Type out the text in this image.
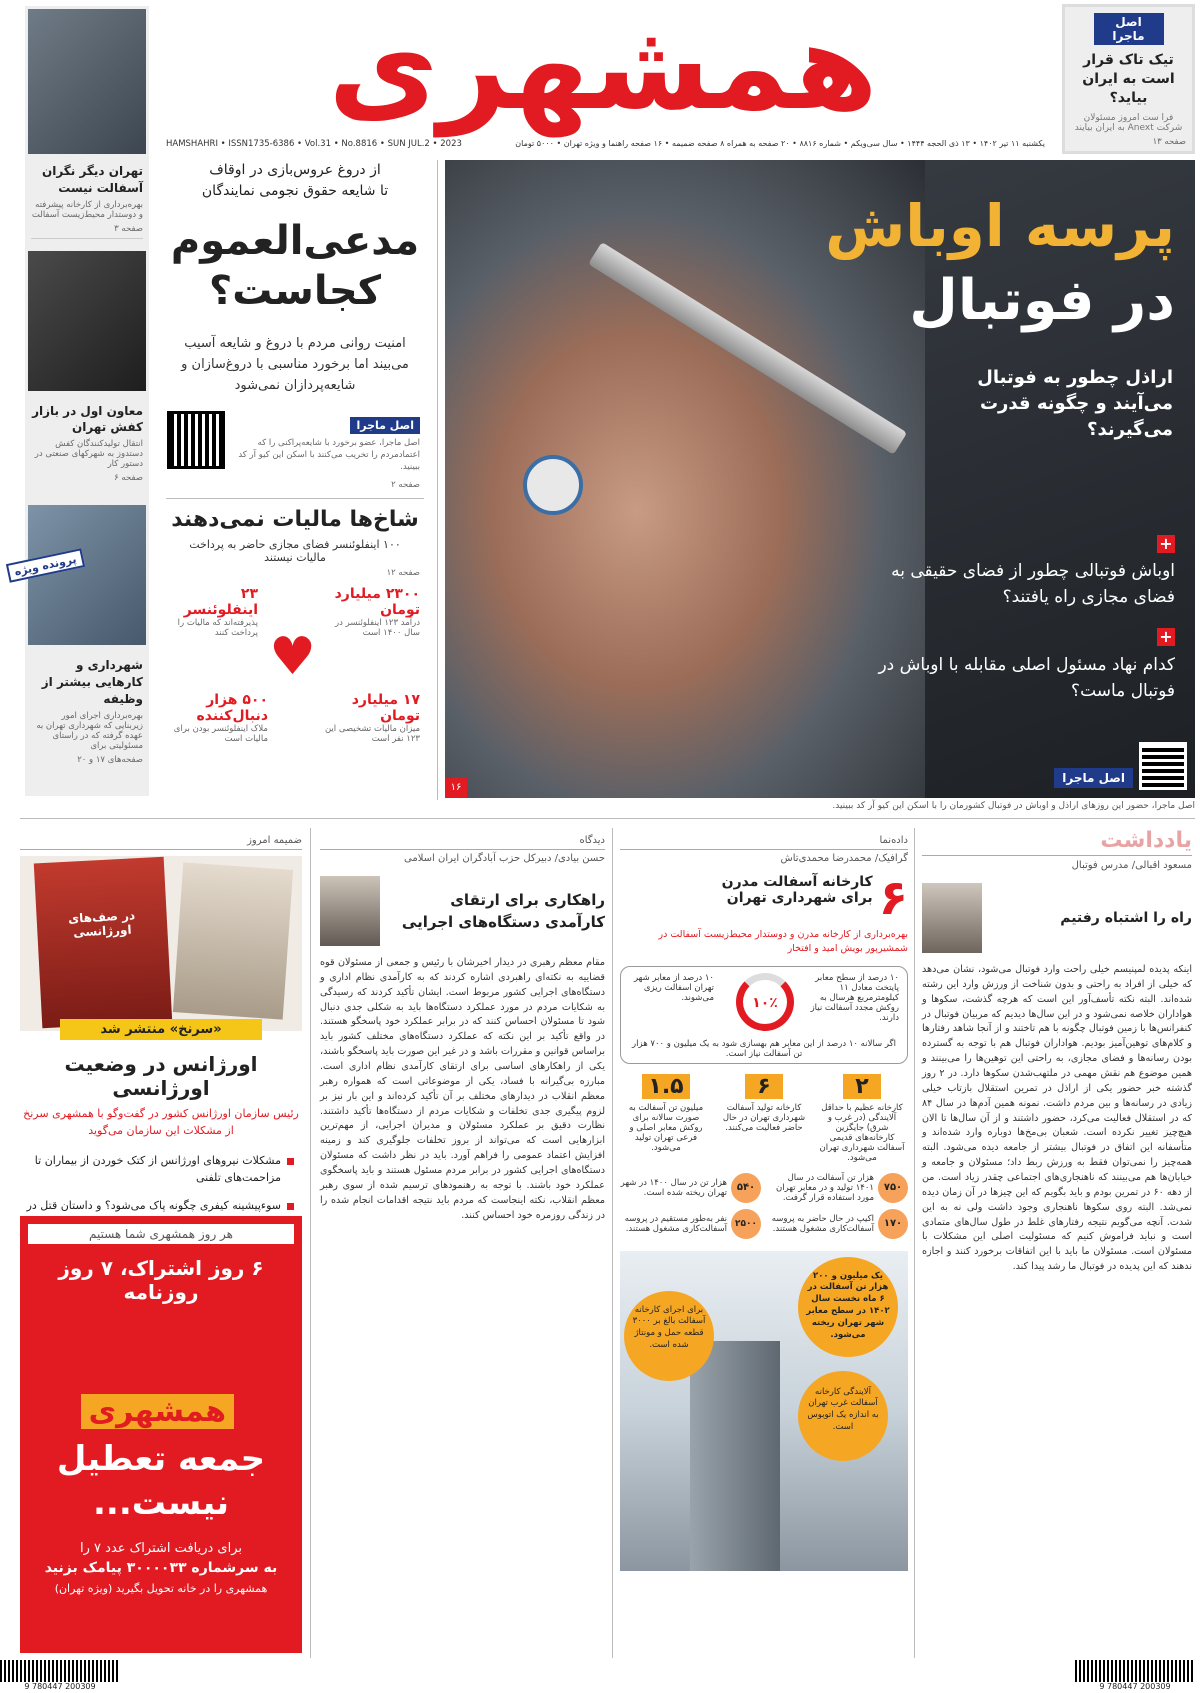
همشهری
یکشنبه ۱۱ تیر ۱۴۰۲ • ۱۳ ذی الحجه ۱۴۴۴ • سال سی‌ویکم • شماره ۸۸۱۶ • ۲۰ صفحه به همراه ۸ صفحه ضمیمه • ۱۶ صفحه راهنما و ویژه تهران • ۵۰۰۰ تومان
HAMSHAHRI • ISSN1735-6386 • Vol.31 • No.8816 • SUN JUL.2 • 2023
اصل ماجرا
تیک تاک قرار است به ایران بیاید؟
فرا ست امروز مسئولان شرکت Anext به ایران بیایند
صفحه ۱۳
تهران دیگر نگران آسفالت نیست
بهره‌برداری از کارخانه پیشرفته و دوستدار محیط‌زیست آسفالت
صفحه ۳
معاون اول در بازار کفش تهران
انتقال تولیدکنندگان کفش دستدوز به شهرکهای صنعتی در دستور کار
صفحه ۶
پرونده ویژه
شهرداری و کارهایی بیشتر از وظیفه
بهره‌برداری اجرای امور زیربنایی که شهرداری تهران به عهده گرفته که در راستای مسئولیتی برای
صفحه‌های ۱۷ و ۲۰
از دروغ عروس‌بازی در اوقاف
تا شایعه حقوق نجومی نمایندگان
مدعی‌العموم کجاست؟
امنیت روانی مردم با دروغ و شایعه آسیب می‌بیند اما برخورد مناسبی با دروغ‌سازان و شایعه‌پردازان نمی‌شود
اصل ماجرا
اصل ماجرا، عضو برخورد با شایعه‌پراکنی را که اعتمادمردم را تخریب می‌کنند با اسکن این کیو آر کد ببینید.
صفحه ۲
شاخ‌ها مالیات نمی‌دهند
۱۰۰ اینفلوئنسر فضای مجازی حاضر به پرداخت مالیات نیستند
صفحه ۱۲
۲۳۰۰ میلیارد تومان
درآمد ۱۲۳ اینفلوئنسر در سال ۱۴۰۰ است
۲۳ اینفلوئنسر
پذیرفته‌اند که مالیات را پرداخت کنند ♥
۱۷ میلیارد تومان
میزان مالیات تشخیصی این ۱۲۳ نفر است
۵۰۰ هزار دنبال‌کننده
ملاک اینفلوئنسر بودن برای مالیات است
پرسه اوباش
در فوتبال
اراذل چطور به فوتبال می‌آیند و چگونه قدرت می‌گیرند؟
+
اوباش فوتبالی چطور از فضای حقیقی به فضای مجازی راه یافتند؟
+
کدام نهاد مسئول اصلی مقابله با اوباش در فوتبال ماست؟
اصل ماجرا
۱۶
اصل ماجرا، حضور این روزهای اراذل و اوباش در فوتبال کشورمان را با اسکن این کیو آر کد ببینید.
یادداشت
مسعود اقبالی/ مدرس فوتبال
راه را اشتباه رفتیم
اینکه پدیده لمپنیسم خیلی راحت وارد فوتبال می‌شود، نشان می‌دهد که خیلی از افراد به راحتی و بدون شناخت از ورزش وارد این رشته شده‌اند. البته نکته تأسف‌آور این است که هرچه گذشت، سکوها و هواداران خلاصه نمی‌شود و در این سال‌ها دیدیم که مربیان فوتبال در کنفرانس‌ها با زمین فوتبال چگونه با هم تاختند و از آنجا شاهد رفتارها و کلام‌های توهین‌آمیز بودیم. هواداران فوتبال هم با توجه به گسترده بودن رسانه‌ها و فضای مجازی، به راحتی این توهین‌ها را می‌بینند و همین موضوع هم نقش مهمی در ملتهب‌شدن سکوها دارد. در ۲ روز گذشته خبر حضور یکی از اراذل در تمرین استقلال بازتاب خیلی زیادی در رسانه‌ها و بین مردم داشت. نمونه همین آدم‌ها در سال ۸۴ که در استقلال فعالیت می‌کرد، حضور داشتند و از آن سال‌ها تا الان هیچ‌چیز تغییر نکرده است. شعبان بی‌مخ‌ها دوباره وارد شده‌اند و متأسفانه این اتفاق در فوتبال بیشتر از جامعه دیده می‌شود. البته همه‌چیز را نمی‌توان فقط به ورزش ربط داد؛ مسئولان و جامعه و خیابان‌ها هم می‌بینند که ناهنجاری‌های اجتماعی چقدر زیاد است. من از دهه ۶۰ در تمرین بودم و باید بگویم که این چیزها در آن زمان دیده نمی‌شد. البته روی سکوها ناهنجاری وجود داشت ولی نه به این شدت. آنچه می‌گویم نتیجه رفتارهای غلط در طول سال‌های متمادی است و نباید فراموش کنیم که مسئولیت اصلی این مشکلات با مسئولان است. مسئولان ما باید با این اتفاقات برخورد کنند و اجازه ندهند که این پدیده در فوتبال ما رشد پیدا کند.
داده‌نما
گرافیک/ محمدرضا محمدی‌تاش
۶
کارخانه آسفالت مدرن
برای شهرداری تهران
بهره‌برداری از کارخانه مدرن و دوستدار محیط‌زیست آسفالت در شمشیرپور بویش امید و افتخار
۱۰ درصد از سطح معابر پایتخت معادل ۱۱ کیلومترمربع هرسال به روکش مجدد آسفالت نیاز دارند.
۱۰٪
۱۰ درصد از معابر شهر تهران اسفالت ریزی می‌شوند.
اگر سالانه ۱۰ درصد از این معابر هم بهسازی شود به یک میلیون و ۷۰۰ هزار تن آسفالت نیاز است.
۲
کارخانه عظیم با حداقل آلایندگی (در غرب و شرق) جایگزین کارخانه‌های قدیمی آسفالت شهرداری تهران می‌شود.
۶
کارخانه تولید آسفالت شهرداری تهران در حال حاضر فعالیت می‌کنند.
۱.۵
میلیون تن آسفالت به صورت سالانه برای روکش معابر اصلی و فرعی تهران تولید می‌شود.
۷۵۰
هزار تن آسفالت در سال ۱۴۰۱ تولید و در معابر تهران مورد استفاده قرار گرفت.
۵۴۰
هزار تن در سال ۱۴۰۰ در شهر تهران ریخته شده است.
۱۷۰
اکیپ در حال حاضر به پروسه آسفالت‌کاری مشغول هستند.
۲۵۰۰
نفر به‌طور مستقیم در پروسه آسفالت‌کاری مشغول هستند.
یک میلیون و ۲۰۰ هزار تن آسفالت در ۶ ماه نخست سال ۱۴۰۲ در سطح معابر شهر تهران ریخته می‌شود.
برای اجرای کارخانه آسفالت بالغ بر ۳۰۰۰ قطعه حمل و مونتاژ شده است.
آلایندگی کارخانه آسفالت غرب تهران به اندازه یک اتوبوس است.
دیدگاه
حسن بیادی/ دبیرکل حزب آبادگران ایران اسلامی
راهکاری برای ارتقای کارآمدی دستگاه‌های اجرایی
مقام معظم رهبری در دیدار اخیرشان با رئیس و جمعی از مسئولان قوه قضاییه به نکته‌ای راهبردی اشاره کردند که به کارآمدی نظام اداری و دستگاه‌های اجرایی کشور مربوط است. ایشان تأکید کردند که رسیدگی به شکایات مردم در مورد عملکرد دستگاه‌ها باید به شکلی جدی دنبال شود تا مسئولان احساس کنند که در برابر عملکرد خود پاسخگو هستند. در واقع تأکید بر این نکته که عملکرد دستگاه‌های مختلف کشور باید براساس قوانین و مقررات باشد و در غیر این صورت باید پاسخگو باشند، یکی از راهکارهای اساسی برای ارتقای کارآمدی نظام اداری است. مبارزه بی‌گیرانه با فساد، یکی از موضوعاتی است که همواره رهبر معظم انقلاب در دیدارهای مختلف بر آن تأکید کرده‌اند و این بار نیز بر لزوم پیگیری جدی تخلفات و شکایات مردم از دستگاه‌ها تأکید داشتند. نظارت دقیق بر عملکرد مسئولان و مدیران اجرایی، از مهم‌ترین ابزارهایی است که می‌تواند از بروز تخلفات جلوگیری کند و زمینه افزایش اعتماد عمومی را فراهم آورد. باید در نظر داشت که مسئولان دستگاه‌های اجرایی کشور در برابر مردم مسئول هستند و باید پاسخگوی عملکرد خود باشند. با توجه به رهنمودهای ترسیم شده از سوی رهبر معظم انقلاب، نکته اینجاست که مردم باید نتیجه اقدامات انجام شده را در زندگی روزمره خود احساس کنند.
ضمیمه امروز
در صف‌های اورژانسی
«سرنخ» منتشر شد
اورژانس در وضعیت اورژانسی
رئیس سازمان اورژانس کشور در گفت‌وگو با همشهری سرنخ از مشکلات این سازمان می‌گوید
مشکلات نیروهای اورژانس از کتک خوردن از بیماران تا مزاحمت‌های تلفنی
سوءپیشینه کیفری چگونه پاک می‌شود؟ و داستان قتل در
هر روز همشهری شما هستیم
۶ روز اشتراک، ۷ روز روزنامه
همشهری
جمعه تعطیل نیست...
برای دریافت اشتراک عدد ۷ را
به سرشماره ۳۰۰۰۰۳۳ پیامک بزنید
همشهری را در خانه تحویل بگیرید (ویژه تهران)
9 780447 200309	9 780447 200309
